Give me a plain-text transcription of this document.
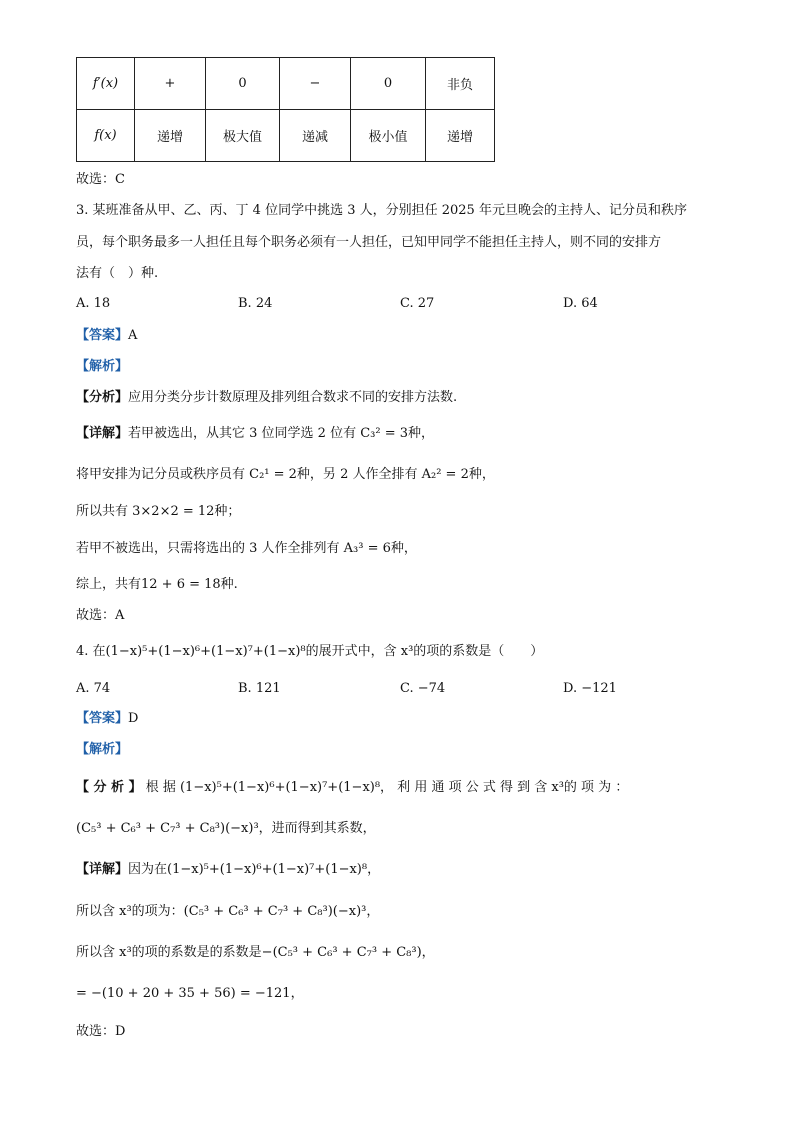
f′(x)	+	0	−	0	非负
f(x)	递增	极大值	递减	极小值	递增
故选：C
3. 某班准备从甲、乙、丙、丁 4 位同学中挑选 3 人，分别担任 2025 年元旦晚会的主持人、记分员和秩序
员，每个职务最多一人担任且每个职务必须有一人担任，已知甲同学不能担任主持人，则不同的安排方
法有（　）种.
A. 18	B. 24	C. 27	D. 64
【答案】A
【解析】
【分析】应用分类分步计数原理及排列组合数求不同的安排方法数.
【详解】若甲被选出，从其它 3 位同学选 2 位有 C₃² = 3种，
将甲安排为记分员或秩序员有 C₂¹ = 2种，另 2 人作全排有 A₂² = 2种，
所以共有 3×2×2 = 12种；
若甲不被选出，只需将选出的 3 人作全排列有 A₃³ = 6种，
综上，共有12 + 6 = 18种.
故选：A
4. 在(1−x)⁵+(1−x)⁶+(1−x)⁷+(1−x)⁸的展开式中，含 x³的项的系数是（　　）
A. 74	B. 121	C. −74	D. −121
【答案】D
【解析】
【 分 析 】 根 据 (1−x)⁵+(1−x)⁶+(1−x)⁷+(1−x)⁸， 利 用 通 项 公 式 得 到 含 x³的 项 为 ：
(C₅³ + C₆³ + C₇³ + C₈³)(−x)³，进而得到其系数，
【详解】因为在(1−x)⁵+(1−x)⁶+(1−x)⁷+(1−x)⁸，
所以含 x³的项为：(C₅³ + C₆³ + C₇³ + C₈³)(−x)³，
所以含 x³的项的系数是的系数是−(C₅³ + C₆³ + C₇³ + C₈³)，
= −(10 + 20 + 35 + 56) = −121，
故选：D
